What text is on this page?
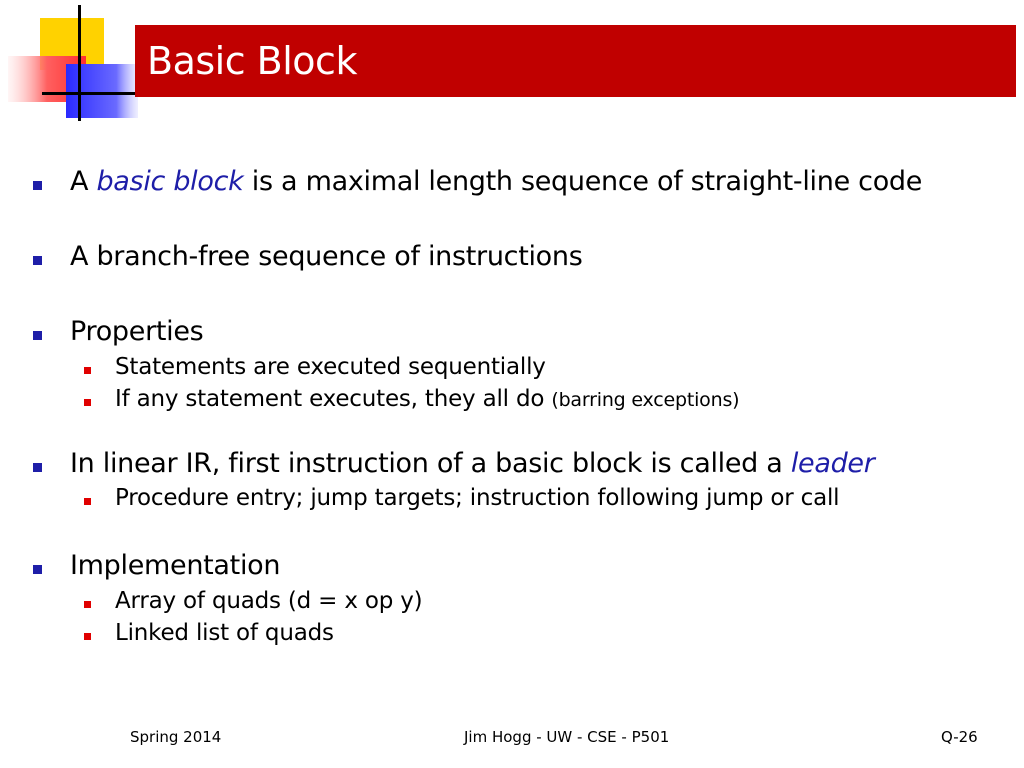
Basic Block
A basic block is a maximal length sequence of straight-line code
A branch-free sequence of instructions
Properties
Statements are executed sequentially
If any statement executes, they all do (barring exceptions)
In linear IR, first instruction of a basic block is called a leader
Procedure entry; jump targets; instruction following jump or call
Implementation
Array of quads (d = x op y)
Linked list of quads
Spring 2014	Jim Hogg - UW - CSE - P501	Q-26
